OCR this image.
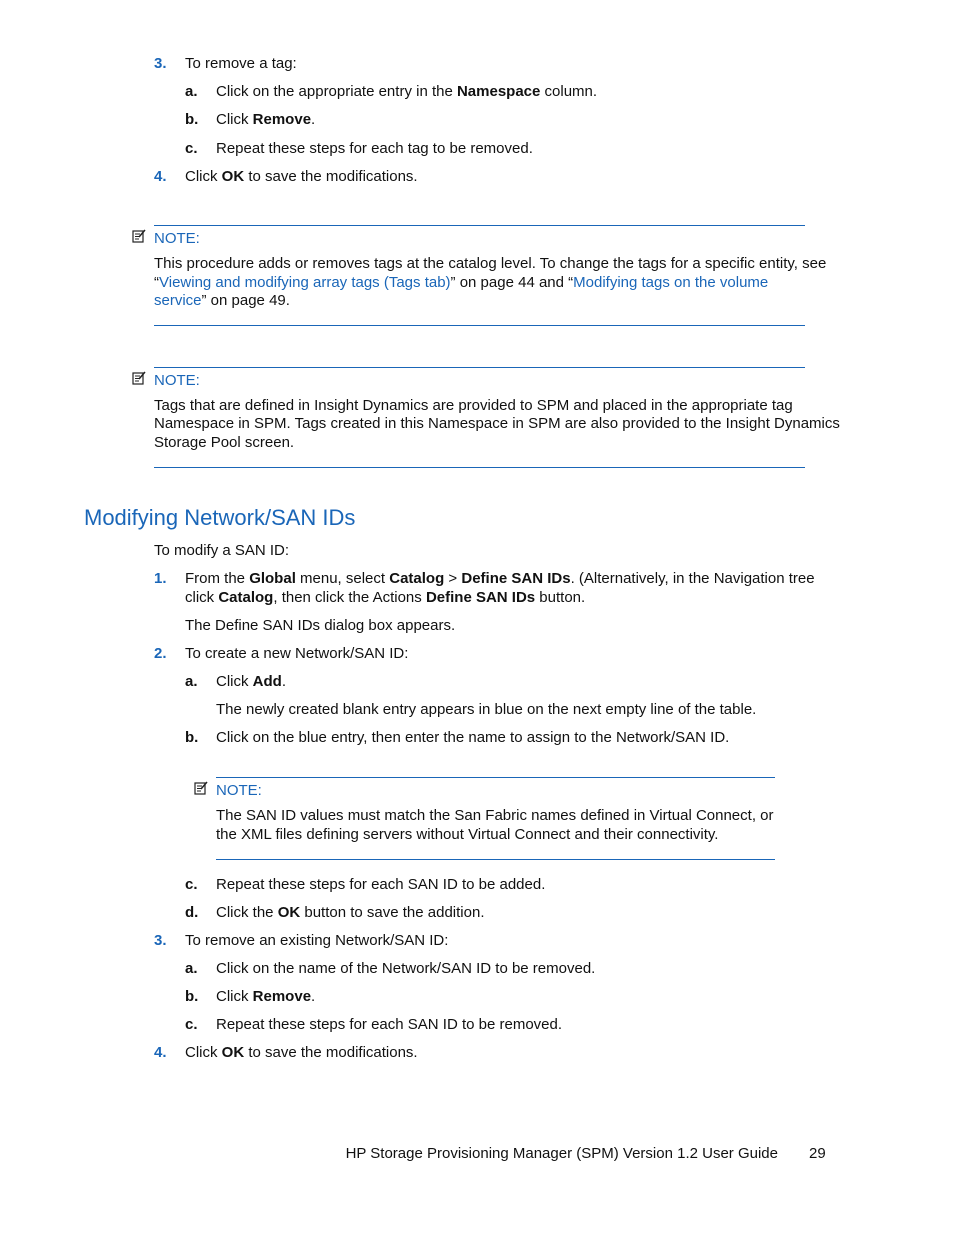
3. To remove a tag:
a. Click on the appropriate entry in the Namespace column.
b. Click Remove.
c. Repeat these steps for each tag to be removed.
4. Click OK to save the modifications.
NOTE:
This procedure adds or removes tags at the catalog level. To change the tags for a specific entity, see
“Viewing and modifying array tags (Tags tab)” on page 44 and “Modifying tags on the volume
service” on page 49.
NOTE:
Tags that are defined in Insight Dynamics are provided to SPM and placed in the appropriate tag
Namespace in SPM. Tags created in this Namespace in SPM are also provided to the Insight Dynamics
Storage Pool screen.
Modifying Network/SAN IDs
To modify a SAN ID:
1. From the Global menu, select Catalog > Define SAN IDs. (Alternatively, in the Navigation tree
click Catalog, then click the Actions Define SAN IDs button.
The Define SAN IDs dialog box appears.
2. To create a new Network/SAN ID:
a. Click Add.
The newly created blank entry appears in blue on the next empty line of the table.
b. Click on the blue entry, then enter the name to assign to the Network/SAN ID.
NOTE:
The SAN ID values must match the San Fabric names defined in Virtual Connect, or
the XML files defining servers without Virtual Connect and their connectivity.
c. Repeat these steps for each SAN ID to be added.
d. Click the OK button to save the addition.
3. To remove an existing Network/SAN ID:
a. Click on the name of the Network/SAN ID to be removed.
b. Click Remove.
c. Repeat these steps for each SAN ID to be removed.
4. Click OK to save the modifications.
HP Storage Provisioning Manager (SPM) Version 1.2 User Guide 29
